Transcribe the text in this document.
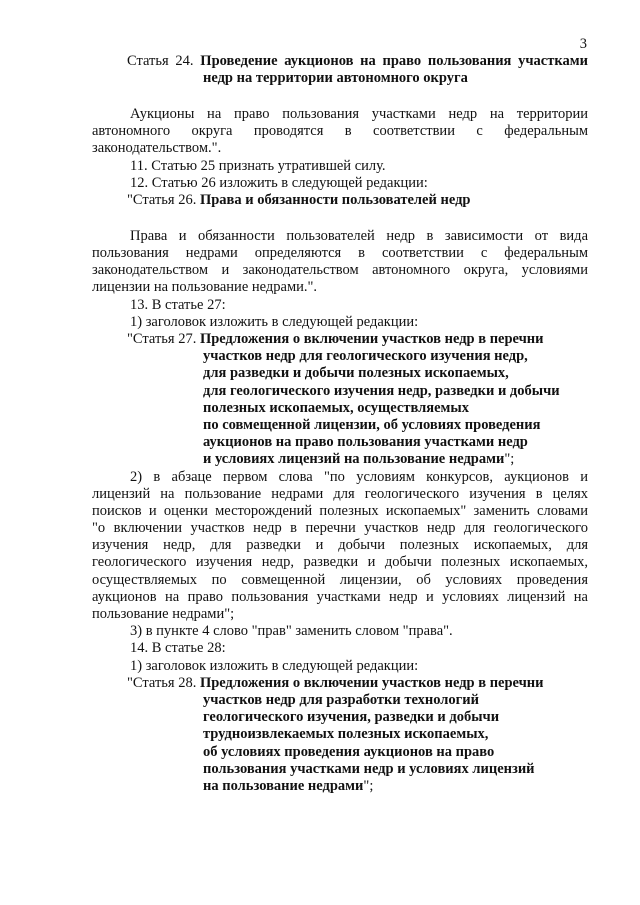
3
Статья 24. Проведение аукционов на право пользования участками
недр на территории автономного округа
Аукционы на право пользования участками недр на территории
автономного округа проводятся в соответствии с федеральным
законодательством.".
11. Статью 25 признать утратившей силу.
12. Статью 26 изложить в следующей редакции:
"Статья 26. Права и обязанности пользователей недр
Права и обязанности пользователей недр в зависимости от вида
пользования недрами определяются в соответствии с федеральным
законодательством и законодательством автономного округа, условиями
лицензии на пользование недрами.".
13. В статье 27:
1) заголовок изложить в следующей редакции:
"Статья 27. Предложения о включении участков недр в перечни
участков недр для геологического изучения недр,
для разведки и добычи полезных ископаемых,
для геологического изучения недр, разведки и добычи
полезных ископаемых, осуществляемых
по совмещенной лицензии, об условиях проведения
аукционов на право пользования участками недр
и условиях лицензий на пользование недрами";
2) в абзаце первом слова "по условиям конкурсов, аукционов и
лицензий на пользование недрами для геологического изучения в целях
поисков и оценки месторождений полезных ископаемых" заменить словами
"о включении участков недр в перечни участков недр для геологического
изучения недр, для разведки и добычи полезных ископаемых, для
геологического изучения недр, разведки и добычи полезных ископаемых,
осуществляемых по совмещенной лицензии, об условиях проведения
аукционов на право пользования участками недр и условиях лицензий на
пользование недрами";
3) в пункте 4 слово "прав" заменить словом "права".
14. В статье 28:
1) заголовок изложить в следующей редакции:
"Статья 28. Предложения о включении участков недр в перечни
участков недр для разработки технологий
геологического изучения, разведки и добычи
трудноизвлекаемых полезных ископаемых,
об условиях проведения аукционов на право
пользования участками недр и условиях лицензий
на пользование недрами";
